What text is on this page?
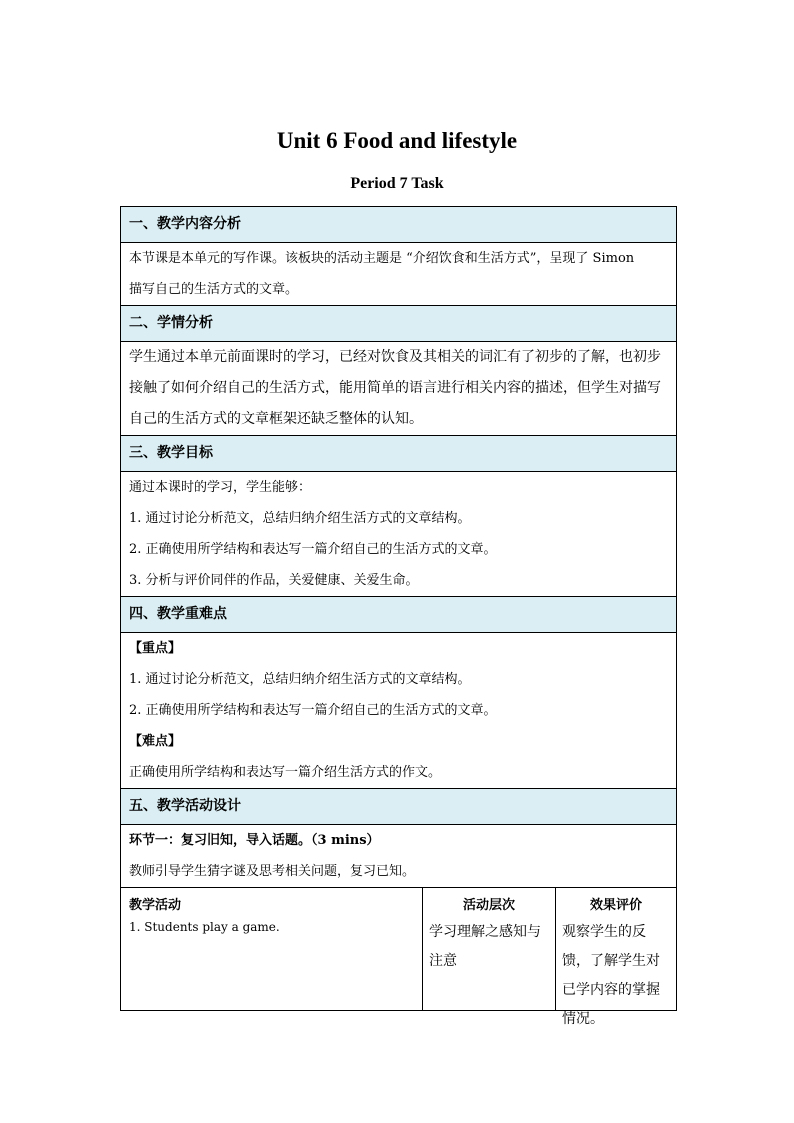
Unit 6 Food and lifestyle
Period 7 Task
一、教学内容分析
本节课是本单元的写作课。该板块的活动主题是 “介绍饮食和生活方式”，呈现了 Simon
描写自己的生活方式的文章。
二、学情分析
学生通过本单元前面课时的学习，已经对饮食及其相关的词汇有了初步的了解，也初步
接触了如何介绍自己的生活方式，能用简单的语言进行相关内容的描述，但学生对描写
自己的生活方式的文章框架还缺乏整体的认知。
三、教学目标
通过本课时的学习，学生能够：
1. 通过讨论分析范文，总结归纳介绍生活方式的文章结构。
2. 正确使用所学结构和表达写一篇介绍自己的生活方式的文章。
3. 分析与评价同伴的作品，关爱健康、关爱生命。
四、教学重难点
【重点】
1. 通过讨论分析范文，总结归纳介绍生活方式的文章结构。
2. 正确使用所学结构和表达写一篇介绍自己的生活方式的文章。
【难点】
正确使用所学结构和表达写一篇介绍生活方式的作文。
五、教学活动设计
环节一：复习旧知，导入话题。（3 mins）
教师引导学生猜字谜及思考相关问题，复习已知。
教学活动
1. Students play a game.
活动层次
学习理解之感知与注意
效果评价
观察学生的反馈，了解学生对已学内容的掌握情况。
